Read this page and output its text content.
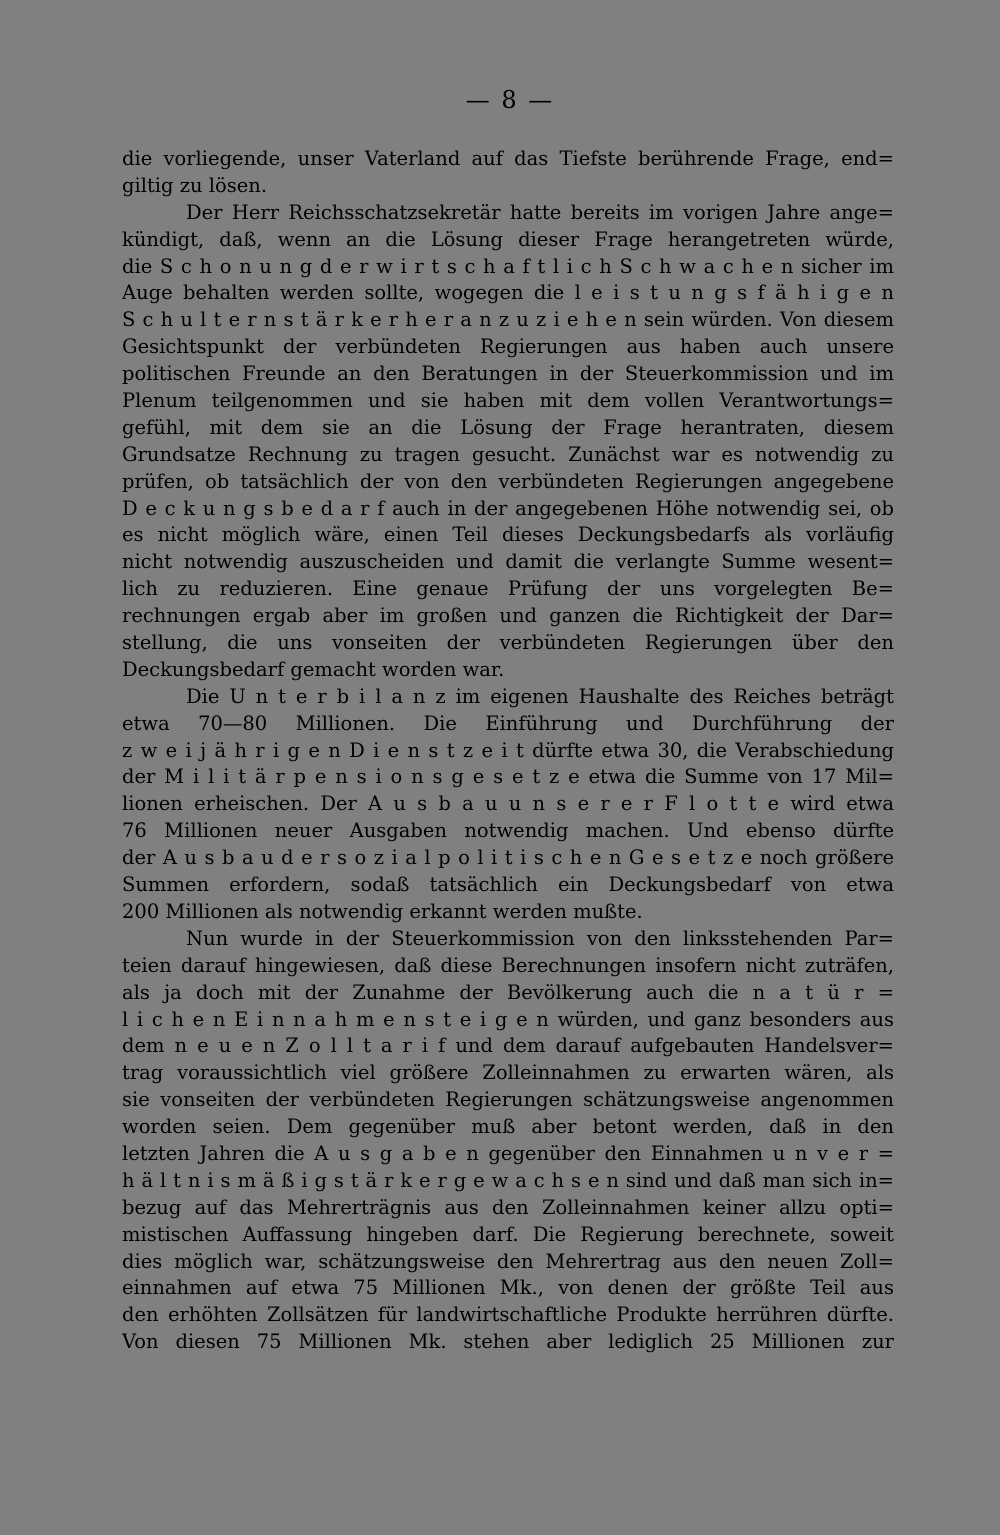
— 8 —

die vorliegende, unser Vaterland auf das Tiefste berührende Frage, end=
giltig zu lösen.
Der Herr Reichsschatzsekretär hatte bereits im vorigen Jahre ange=
kündigt, daß, wenn an die Lösung dieser Frage herangetreten würde,
die S c h o n u n g d e r w i r t s c h a f t l i c h S c h w a c h e n sicher im
Auge behalten werden sollte, wogegen die l e i s t u n g s f ä h i g e n
S c h u l t e r n s t ä r k e r h e r a n z u z i e h e n sein würden. Von diesem
Gesichtspunkt der verbündeten Regierungen aus haben auch unsere
politischen Freunde an den Beratungen in der Steuerkommission und im
Plenum teilgenommen und sie haben mit dem vollen Verantwortungs=
gefühl, mit dem sie an die Lösung der Frage herantraten, diesem
Grundsatze Rechnung zu tragen gesucht. Zunächst war es notwendig zu
prüfen, ob tatsächlich der von den verbündeten Regierungen angegebene
D e c k u n g s b e d a r f auch in der angegebenen Höhe notwendig sei, ob
es nicht möglich wäre, einen Teil dieses Deckungsbedarfs als vorläufig
nicht notwendig auszuscheiden und damit die verlangte Summe wesent=
lich zu reduzieren. Eine genaue Prüfung der uns vorgelegten Be=
rechnungen ergab aber im großen und ganzen die Richtigkeit der Dar=
stellung, die uns vonseiten der verbündeten Regierungen über den
Deckungsbedarf gemacht worden war.
Die U n t e r b i l a n z im eigenen Haushalte des Reiches beträgt
etwa 70—80 Millionen. Die Einführung und Durchführung der
z w e i j ä h r i g e n D i e n s t z e i t dürfte etwa 30, die Verabschiedung
der M i l i t ä r p e n s i o n s g e s e t z e etwa die Summe von 17 Mil=
lionen erheischen. Der A u s b a u u n s e r e r F l o t t e wird etwa
76 Millionen neuer Ausgaben notwendig machen. Und ebenso dürfte
der A u s b a u d e r s o z i a l p o l i t i s c h e n G e s e t z e noch größere
Summen erfordern, sodaß tatsächlich ein Deckungsbedarf von etwa
200 Millionen als notwendig erkannt werden mußte.
Nun wurde in der Steuerkommission von den linksstehenden Par=
teien darauf hingewiesen, daß diese Berechnungen insofern nicht zuträfen,
als ja doch mit der Zunahme der Bevölkerung auch die n a t ü r =
l i c h e n E i n n a h m e n s t e i g e n würden, und ganz besonders aus
dem n e u e n Z o l l t a r i f und dem darauf aufgebauten Handelsver=
trag voraussichtlich viel größere Zolleinnahmen zu erwarten wären, als
sie vonseiten der verbündeten Regierungen schätzungsweise angenommen
worden seien. Dem gegenüber muß aber betont werden, daß in den
letzten Jahren die A u s g a b e n gegenüber den Einnahmen u n v e r =
h ä l t n i s m ä ß i g s t ä r k e r g e w a c h s e n sind und daß man sich in=
bezug auf das Mehrerträgnis aus den Zolleinnahmen keiner allzu opti=
mistischen Auffassung hingeben darf. Die Regierung berechnete, soweit
dies möglich war, schätzungsweise den Mehrertrag aus den neuen Zoll=
einnahmen auf etwa 75 Millionen Mk., von denen der größte Teil aus
den erhöhten Zollsätzen für landwirtschaftliche Produkte herrühren dürfte.
Von diesen 75 Millionen Mk. stehen aber lediglich 25 Millionen zur
